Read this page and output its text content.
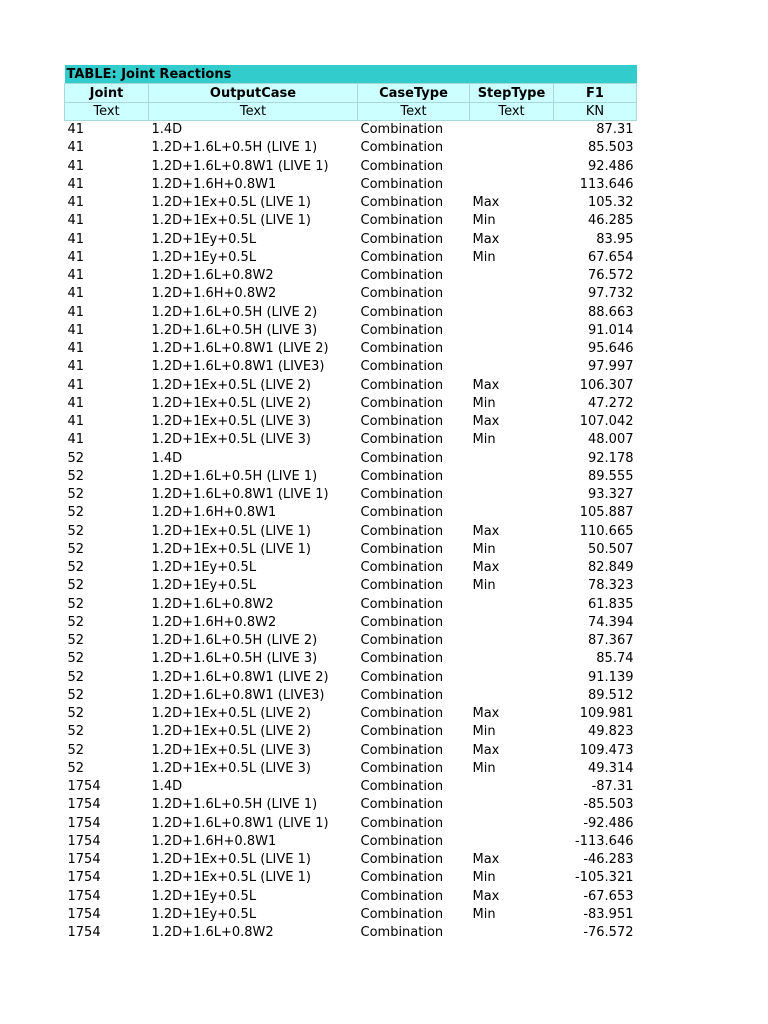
TABLE: Joint Reactions				
Joint	OutputCase	CaseType	StepType	F1
Text	Text	Text	Text	KN
41	1.4D	Combination		87.31
41	1.2D+1.6L+0.5H (LIVE 1)	Combination		85.503
41	1.2D+1.6L+0.8W1 (LIVE 1)	Combination		92.486
41	1.2D+1.6H+0.8W1	Combination		113.646
41	1.2D+1Ex+0.5L (LIVE 1)	Combination	Max	105.32
41	1.2D+1Ex+0.5L (LIVE 1)	Combination	Min	46.285
41	1.2D+1Ey+0.5L	Combination	Max	83.95
41	1.2D+1Ey+0.5L	Combination	Min	67.654
41	1.2D+1.6L+0.8W2	Combination		76.572
41	1.2D+1.6H+0.8W2	Combination		97.732
41	1.2D+1.6L+0.5H (LIVE 2)	Combination		88.663
41	1.2D+1.6L+0.5H (LIVE 3)	Combination		91.014
41	1.2D+1.6L+0.8W1 (LIVE 2)	Combination		95.646
41	1.2D+1.6L+0.8W1 (LIVE3)	Combination		97.997
41	1.2D+1Ex+0.5L (LIVE 2)	Combination	Max	106.307
41	1.2D+1Ex+0.5L (LIVE 2)	Combination	Min	47.272
41	1.2D+1Ex+0.5L (LIVE 3)	Combination	Max	107.042
41	1.2D+1Ex+0.5L (LIVE 3)	Combination	Min	48.007
52	1.4D	Combination		92.178
52	1.2D+1.6L+0.5H (LIVE 1)	Combination		89.555
52	1.2D+1.6L+0.8W1 (LIVE 1)	Combination		93.327
52	1.2D+1.6H+0.8W1	Combination		105.887
52	1.2D+1Ex+0.5L (LIVE 1)	Combination	Max	110.665
52	1.2D+1Ex+0.5L (LIVE 1)	Combination	Min	50.507
52	1.2D+1Ey+0.5L	Combination	Max	82.849
52	1.2D+1Ey+0.5L	Combination	Min	78.323
52	1.2D+1.6L+0.8W2	Combination		61.835
52	1.2D+1.6H+0.8W2	Combination		74.394
52	1.2D+1.6L+0.5H (LIVE 2)	Combination		87.367
52	1.2D+1.6L+0.5H (LIVE 3)	Combination		85.74
52	1.2D+1.6L+0.8W1 (LIVE 2)	Combination		91.139
52	1.2D+1.6L+0.8W1 (LIVE3)	Combination		89.512
52	1.2D+1Ex+0.5L (LIVE 2)	Combination	Max	109.981
52	1.2D+1Ex+0.5L (LIVE 2)	Combination	Min	49.823
52	1.2D+1Ex+0.5L (LIVE 3)	Combination	Max	109.473
52	1.2D+1Ex+0.5L (LIVE 3)	Combination	Min	49.314
1754	1.4D	Combination		-87.31
1754	1.2D+1.6L+0.5H (LIVE 1)	Combination		-85.503
1754	1.2D+1.6L+0.8W1 (LIVE 1)	Combination		-92.486
1754	1.2D+1.6H+0.8W1	Combination		-113.646
1754	1.2D+1Ex+0.5L (LIVE 1)	Combination	Max	-46.283
1754	1.2D+1Ex+0.5L (LIVE 1)	Combination	Min	-105.321
1754	1.2D+1Ey+0.5L	Combination	Max	-67.653
1754	1.2D+1Ey+0.5L	Combination	Min	-83.951
1754	1.2D+1.6L+0.8W2	Combination		-76.572
